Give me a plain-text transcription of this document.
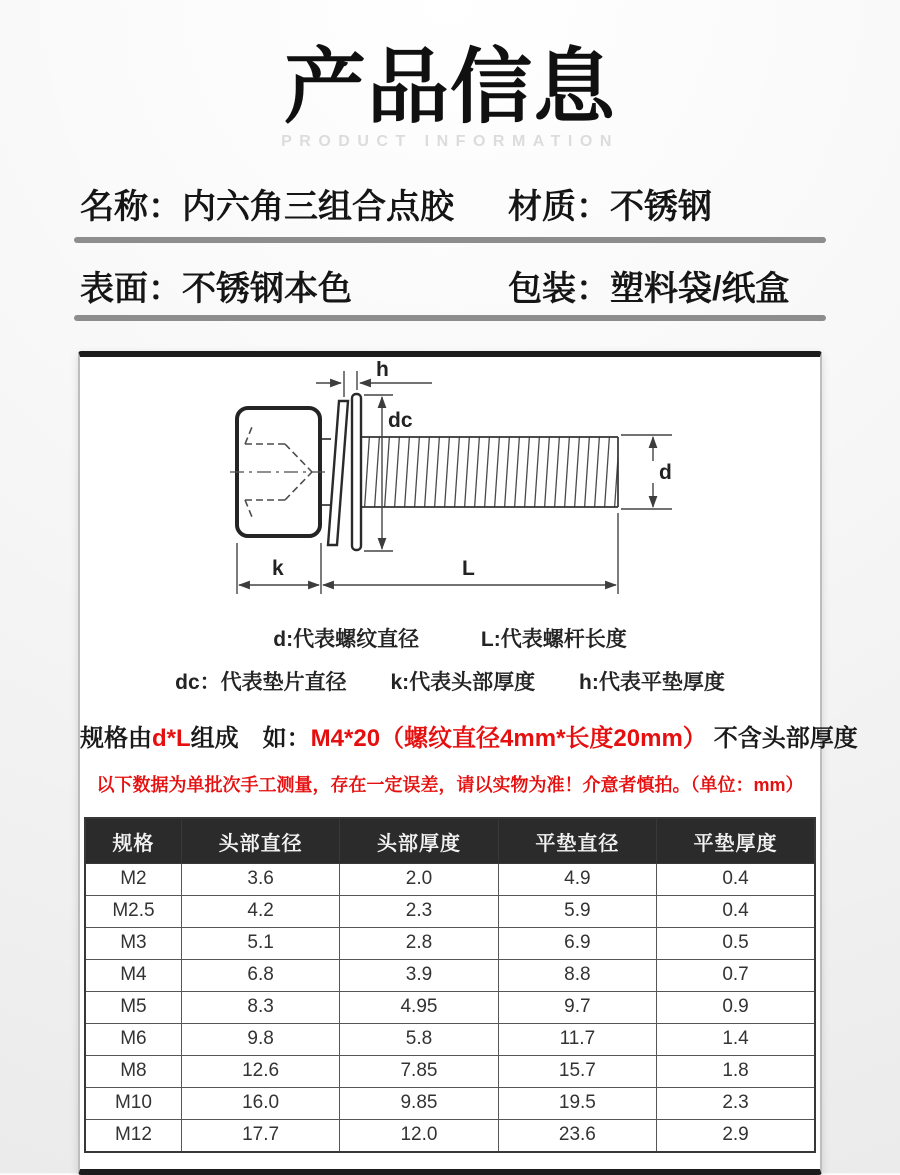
产品信息
PRODUCT INFORMATION
名称： 内六角三组合点胶 材质： 不锈钢
表面： 不锈钢本色	包装： 塑料袋/纸盒
h
dc
d
k	L
d:代表螺纹直径	L:代表螺杆长度
dc：代表垫片直径 k:代表头部厚度 h:代表平垫厚度
规格由d*L组成　如：M4*20（螺纹直径4mm*长度20mm） 不含头部厚度
以下数据为单批次手工测量，存在一定误差，请以实物为准！介意者慎拍。（单位：mm）
规格	头部直径	头部厚度	平垫直径	平垫厚度
M2	3.6	2.0	4.9	0.4
M2.5	4.2	2.3	5.9	0.4
M3	5.1	2.8	6.9	0.5
M4	6.8	3.9	8.8	0.7
M5	8.3	4.95	9.7	0.9
M6	9.8	5.8	11.7	1.4
M8	12.6	7.85	15.7	1.8
M10	16.0	9.85	19.5	2.3
M12	17.7	12.0	23.6	2.9
